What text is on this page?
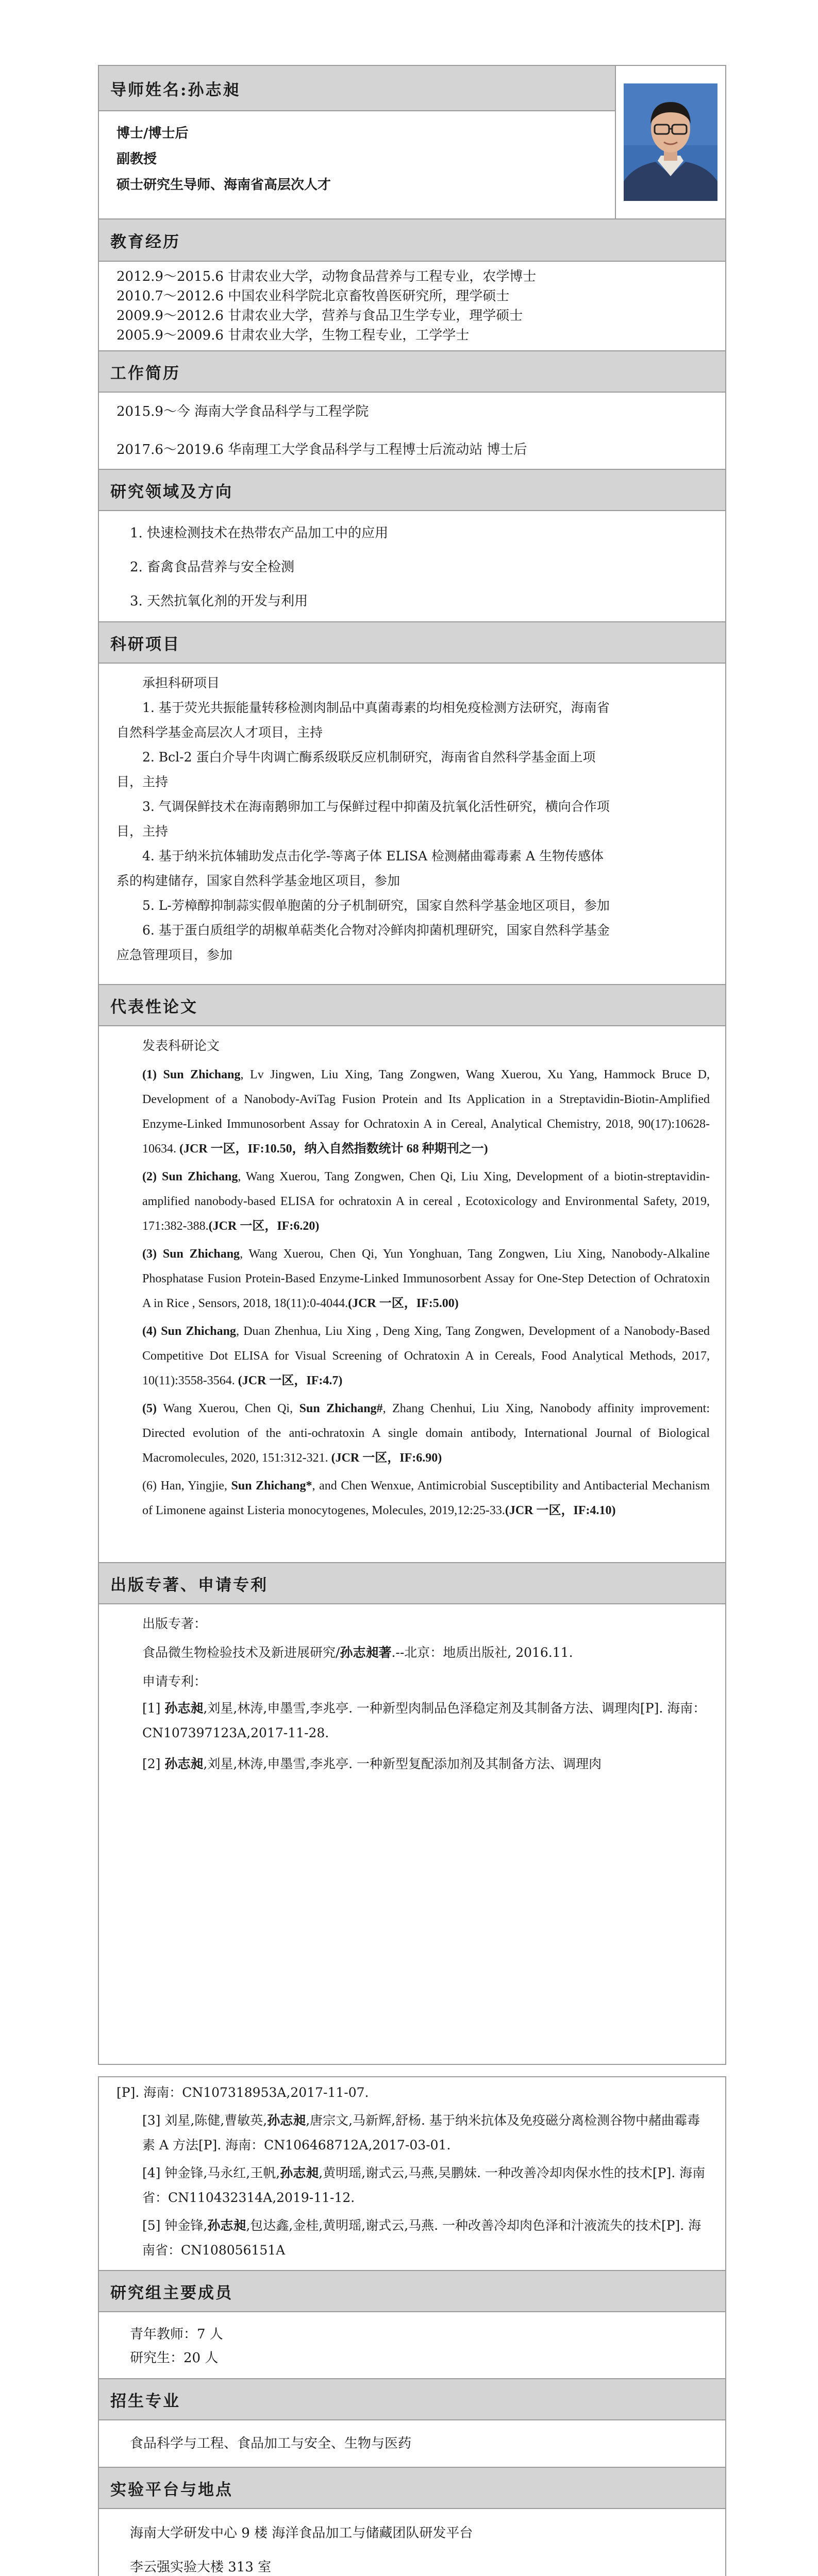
导师姓名:孙志昶
博士/博士后
副教授
硕士研究生导师、海南省高层次人才
教育经历
2012.9～2015.6 甘肃农业大学，动物食品营养与工程专业，农学博士
2010.7～2012.6 中国农业科学院北京畜牧兽医研究所，理学硕士
2009.9～2012.6 甘肃农业大学，营养与食品卫生学专业，理学硕士
2005.9～2009.6 甘肃农业大学，生物工程专业，工学学士
工作简历
2015.9～今 海南大学食品科学与工程学院
2017.6～2019.6 华南理工大学食品科学与工程博士后流动站 博士后
研究领域及方向
1. 快速检测技术在热带农产品加工中的应用
2. 畜禽食品营养与安全检测
3. 天然抗氧化剂的开发与利用
科研项目

承担科研项目

1. 基于荧光共振能量转移检测肉制品中真菌毒素的均相免疫检测方法研究，海南省

自然科学基金高层次人才项目，主持

2. Bcl-2 蛋白介导牛肉调亡酶系级联反应机制研究，海南省自然科学基金面上项

目，主持

3. 气调保鲜技术在海南鹅卵加工与保鲜过程中抑菌及抗氧化活性研究，横向合作项

目，主持

4. 基于纳米抗体辅助发点击化学-等离子体 ELISA 检测赭曲霉毒素 A 生物传感体

系的构建储存，国家自然科学基金地区项目，参加

5. L-芳樟醇抑制蒜实假单胞菌的分子机制研究，国家自然科学基金地区项目，参加

6. 基于蛋白质组学的胡椒单萜类化合物对冷鲜肉抑菌机理研究，国家自然科学基金

应急管理项目，参加

代表性论文

发表科研论文

(1) Sun Zhichang, Lv Jingwen, Liu Xing, Tang Zongwen, Wang Xuerou, Xu Yang, Hammock Bruce D, Development of a Nanobody-AviTag Fusion Protein and Its Application in a Streptavidin-Biotin-Amplified Enzyme-Linked Immunosorbent Assay for Ochratoxin A in Cereal, Analytical Chemistry, 2018, 90(17):10628-10634. (JCR 一区，IF:10.50，纳入自然指数统计 68 种期刊之一)

(2) Sun Zhichang, Wang Xuerou, Tang Zongwen, Chen Qi, Liu Xing, Development of a biotin-streptavidin-amplified nanobody-based ELISA for ochratoxin A in cereal , Ecotoxicology and Environmental Safety, 2019, 171:382-388.(JCR 一区，IF:6.20)

(3) Sun Zhichang, Wang Xuerou, Chen Qi, Yun Yonghuan, Tang Zongwen, Liu Xing, Nanobody-Alkaline Phosphatase Fusion Protein-Based Enzyme-Linked Immunosorbent Assay for One-Step Detection of Ochratoxin A in Rice , Sensors, 2018, 18(11):0-4044.(JCR 一区，IF:5.00)

(4) Sun Zhichang, Duan Zhenhua, Liu Xing , Deng Xing, Tang Zongwen, Development of a Nanobody-Based Competitive Dot ELISA for Visual Screening of Ochratoxin A in Cereals, Food Analytical Methods, 2017, 10(11):3558-3564. (JCR 一区，IF:4.7)

(5) Wang Xuerou, Chen Qi, Sun Zhichang#, Zhang Chenhui, Liu Xing, Nanobody affinity improvement: Directed evolution of the anti-ochratoxin A single domain antibody, International Journal of Biological Macromolecules, 2020, 151:312-321. (JCR 一区，IF:6.90)

(6) Han, Yingjie, Sun Zhichang*, and Chen Wenxue, Antimicrobial Susceptibility and Antibacterial Mechanism of Limonene against Listeria monocytogenes, Molecules, 2019,12:25-33.(JCR 一区，IF:4.10)

出版专著、申请专利

出版专著：

食品微生物检验技术及新进展研究/孙志昶著.--北京：地质出版社, 2016.11.

申请专利：

[1] 孙志昶,刘星,林涛,申墨雪,李兆亭. 一种新型肉制品色泽稳定剂及其制备方法、调理肉[P]. 海南：CN107397123A,2017-11-28.

[2] 孙志昶,刘星,林涛,申墨雪,李兆亭. 一种新型复配添加剂及其制备方法、调理肉

[P]. 海南：CN107318953A,2017-11-07.

[3] 刘星,陈健,曹敏英,孙志昶,唐宗文,马新辉,舒杨. 基于纳米抗体及免疫磁分离检测谷物中赭曲霉毒素 A 方法[P]. 海南：CN106468712A,2017-03-01.

[4] 钟金锋,马永红,王帆,孙志昶,黄明瑶,谢式云,马燕,吴鹏妹. 一种改善冷却肉保水性的技术[P]. 海南省：CN110432314A,2019-11-12.

[5] 钟金锋,孙志昶,包达鑫,金桂,黄明瑶,谢式云,马燕. 一种改善冷却肉色泽和汁液流失的技术[P]. 海南省：CN108056151A

研究组主要成员
青年教师：7 人
研究生：20 人
招生专业
食品科学与工程、食品加工与安全、生物与医药
实验平台与地点
海南大学研发中心 9 楼 海洋食品加工与储藏团队研发平台
李云强实验大楼 313 室
